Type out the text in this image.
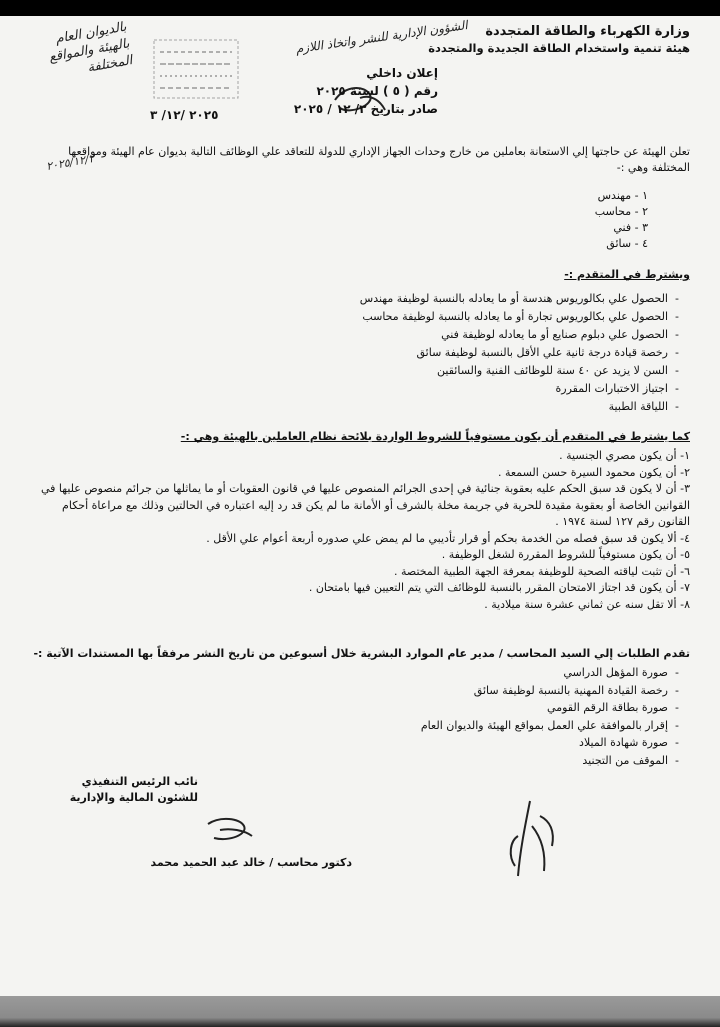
وزارة الكهرباء والطاقة المتجددة
هيئة تنمية واستخدام الطاقة الجديدة والمتجددة
الشؤون الإدارية للنشر واتخاذ اللازم
بالديوان العام بالهيئة والمواقع المختلفة
٢٠٢٥/١٢/٢
إعلان داخلي
رقم ( ٥ ) لسنة ٢٠٢٥
صادر بتاريخ ٣/ ١٢ / ٢٠٢٥
٢٠٢٥ /١٢/ ٣
تعلن الهيئة عن حاجتها إلي الاستعانة بعاملين من خارج وحدات الجهاز الإداري للدولة للتعاقد علي الوظائف التالية بديوان عام الهيئة ومواقعها المختلفة وهي :-
١ - مهندس
٢ - محاسب
٣ - فني
٤ - سائق
ويشترط في المتقدم :-
-الحصول علي بكالوريوس هندسة أو ما يعادله بالنسبة لوظيفة مهندس
-الحصول علي بكالوريوس تجارة أو ما يعادله بالنسبة لوظيفة محاسب
-الحصول علي دبلوم صنايع أو ما يعادله لوظيفة فني
-رخصة قيادة درجة ثانية علي الأقل بالنسبة لوظيفة سائق
-السن لا يزيد عن ٤٠ سنة للوظائف الفنية والسائقين
-اجتياز الاختبارات المقررة
-اللياقة الطبية
كما يشترط في المتقدم أن يكون مستوفياً للشروط الواردة بلائحة نظام العاملين بالهيئة وهي :-
١- أن يكون مصري الجنسية .
٢- أن يكون محمود السيرة حسن السمعة .
٣- أن لا يكون قد سبق الحكم عليه بعقوبة جنائية في إحدى الجرائم المنصوص عليها في قانون العقوبات أو ما يماثلها من جرائم منصوص عليها في القوانين الخاصة أو بعقوبة مقيدة للحرية في جريمة مخلة بالشرف أو الأمانة ما لم يكن قد رد إليه اعتباره في الحالتين وذلك مع مراعاة أحكام القانون رقم ١٢٧ لسنة ١٩٧٤ .
٤- ألا يكون قد سبق فصله من الخدمة بحكم أو قرار تأديبي ما لم يمض علي صدوره أربعة أعوام علي الأقل .
٥- أن يكون مستوفياً للشروط المقررة لشغل الوظيفة .
٦- أن تثبت لياقته الصحية للوظيفة بمعرفة الجهة الطبية المختصة .
٧- أن يكون قد اجتاز الامتحان المقرر بالنسبة للوظائف التي يتم التعيين فيها بامتحان .
٨- ألا تقل سنه عن ثماني عشرة سنة ميلادية .
تقدم الطلبات إلي السيد المحاسب / مدير عام الموارد البشرية خلال أسبوعين من تاريخ النشر مرفقاً بها المستندات الآتية :-
-صورة المؤهل الدراسي
-رخصة القيادة المهنية بالنسبة لوظيفة سائق
-صورة بطاقة الرقم القومي
-إقرار بالموافقة علي العمل بمواقع الهيئة والديوان العام
-صورة شهادة الميلاد
-الموقف من التجنيد
نائب الرئيس التنفيذي
للشئون المالية والإدارية
دكتور محاسب / خالد عبد الحميد محمد
